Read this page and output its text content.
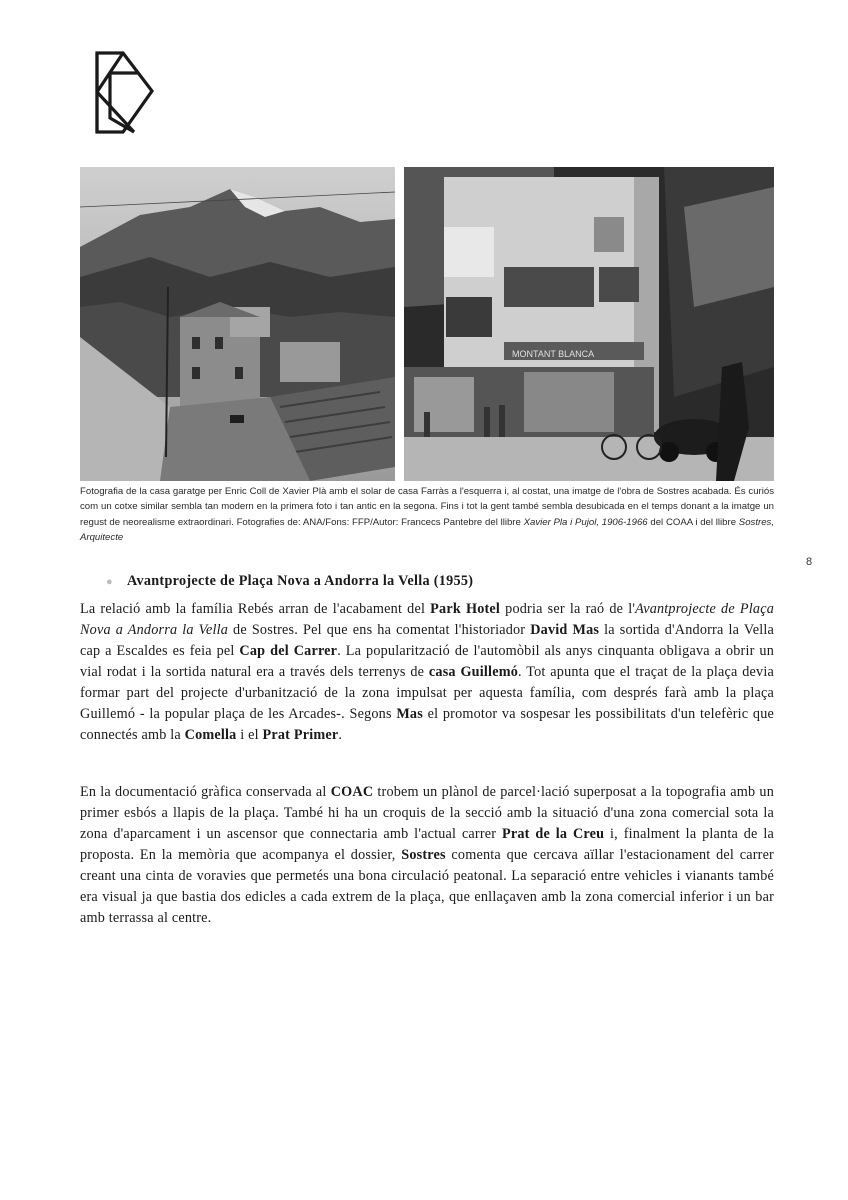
MONTANT BLANCA
Fotografia de la casa garatge per Enric Coll de Xavier Plà amb el solar de casa Farràs a l'esquerra i, al costat, una imatge de l'obra de Sostres acabada. És curiós com un cotxe similar sembla tan modern en la primera foto i tan antic en la segona. Fins i tot la gent també sembla desubicada en el temps donant a la imatge un regust de neorealisme extraordinari. Fotografies de: ANA/Fons: FFP/Autor: Francecs Pantebre del llibre Xavier Pla i Pujol, 1906-1966 del COAA i del llibre Sostres, Arquitecte
8
● Avantprojecte de Plaça Nova a Andorra la Vella (1955)
La relació amb la família Rebés arran de l'acabament del Park Hotel podria ser la raó de l'Avantprojecte de Plaça Nova a Andorra la Vella de Sostres. Pel que ens ha comentat l'historiador David Mas la sortida d'Andorra la Vella cap a Escaldes es feia pel Cap del Carrer. La popularització de l'automòbil als anys cinquanta obligava a obrir un vial rodat i la sortida natural era a través dels terrenys de casa Guillemó. Tot apunta que el traçat de la plaça devia formar part del projecte d'urbanització de la zona impulsat per aquesta família, com després farà amb la plaça Guillemó - la popular plaça de les Arcades-. Segons Mas el promotor va sospesar les possibilitats d'un telefèric que connectés amb la Comella i el Prat Primer.
En la documentació gràfica conservada al COAC trobem un plànol de parcel·lació superposat a la topografia amb un primer esbós a llapis de la plaça. També hi ha un croquis de la secció amb la situació d'una zona comercial sota la zona d'aparcament i un ascensor que connectaria amb l'actual carrer Prat de la Creu i, finalment la planta de la proposta. En la memòria que acompanya el dossier, Sostres comenta que cercava aïllar l'estacionament del carrer creant una cinta de voravies que permetés una bona circulació peatonal. La separació entre vehicles i vianants també era visual ja que bastia dos edicles a cada extrem de la plaça, que enllaçaven amb la zona comercial inferior i un bar amb terrassa al centre.
